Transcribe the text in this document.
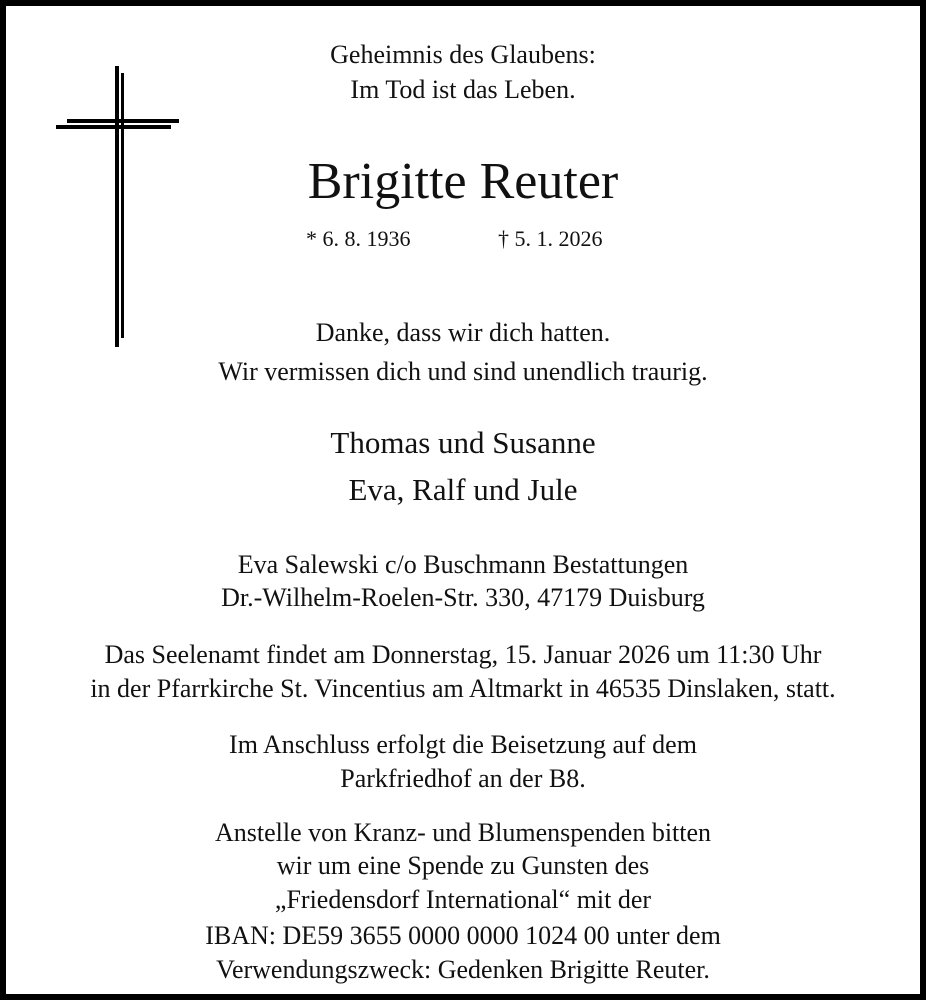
Geheimnis des Glaubens:
Im Tod ist das Leben.
Brigitte Reuter
* 6. 8. 1936	† 5. 1. 2026
Danke, dass wir dich hatten.
Wir vermissen dich und sind unendlich traurig.
Thomas und Susanne
Eva, Ralf und Jule
Eva Salewski c/o Buschmann Bestattungen
Dr.-Wilhelm-Roelen-Str. 330, 47179 Duisburg
Das Seelenamt findet am Donnerstag, 15. Januar 2026 um 11:30 Uhr
in der Pfarrkirche St. Vincentius am Altmarkt in 46535 Dinslaken, statt.
Im Anschluss erfolgt die Beisetzung auf dem
Parkfriedhof an der B8.
Anstelle von Kranz- und Blumenspenden bitten
wir um eine Spende zu Gunsten des
„Friedensdorf International“ mit der
IBAN: DE59 3655 0000 0000 1024 00 unter dem
Verwendungszweck: Gedenken Brigitte Reuter.
